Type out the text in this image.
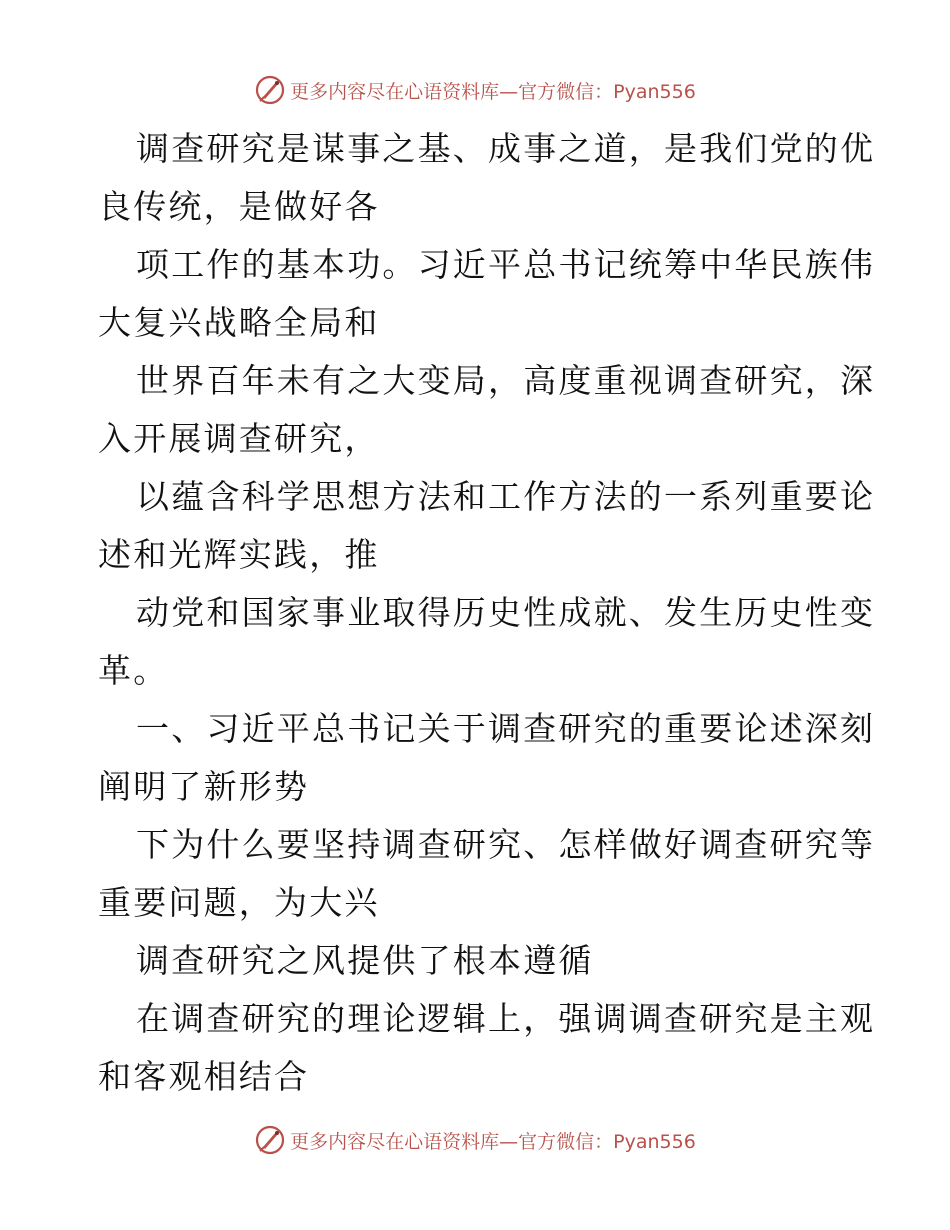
更多内容尽在心语资料库—官方微信：Pyan556
调查研究是谋事之基、成事之道，是我们党的优
良传统，是做好各
项工作的基本功。习近平总书记统筹中华民族伟
大复兴战略全局和
世界百年未有之大变局，高度重视调查研究，深
入开展调查研究，
以蕴含科学思想方法和工作方法的一系列重要论
述和光辉实践，推
动党和国家事业取得历史性成就、发生历史性变
革。
一、习近平总书记关于调查研究的重要论述深刻
阐明了新形势
下为什么要坚持调查研究、怎样做好调查研究等
重要问题，为大兴
调查研究之风提供了根本遵循
在调查研究的理论逻辑上，强调调查研究是主观
和客观相结合
更多内容尽在心语资料库—官方微信：Pyan556
